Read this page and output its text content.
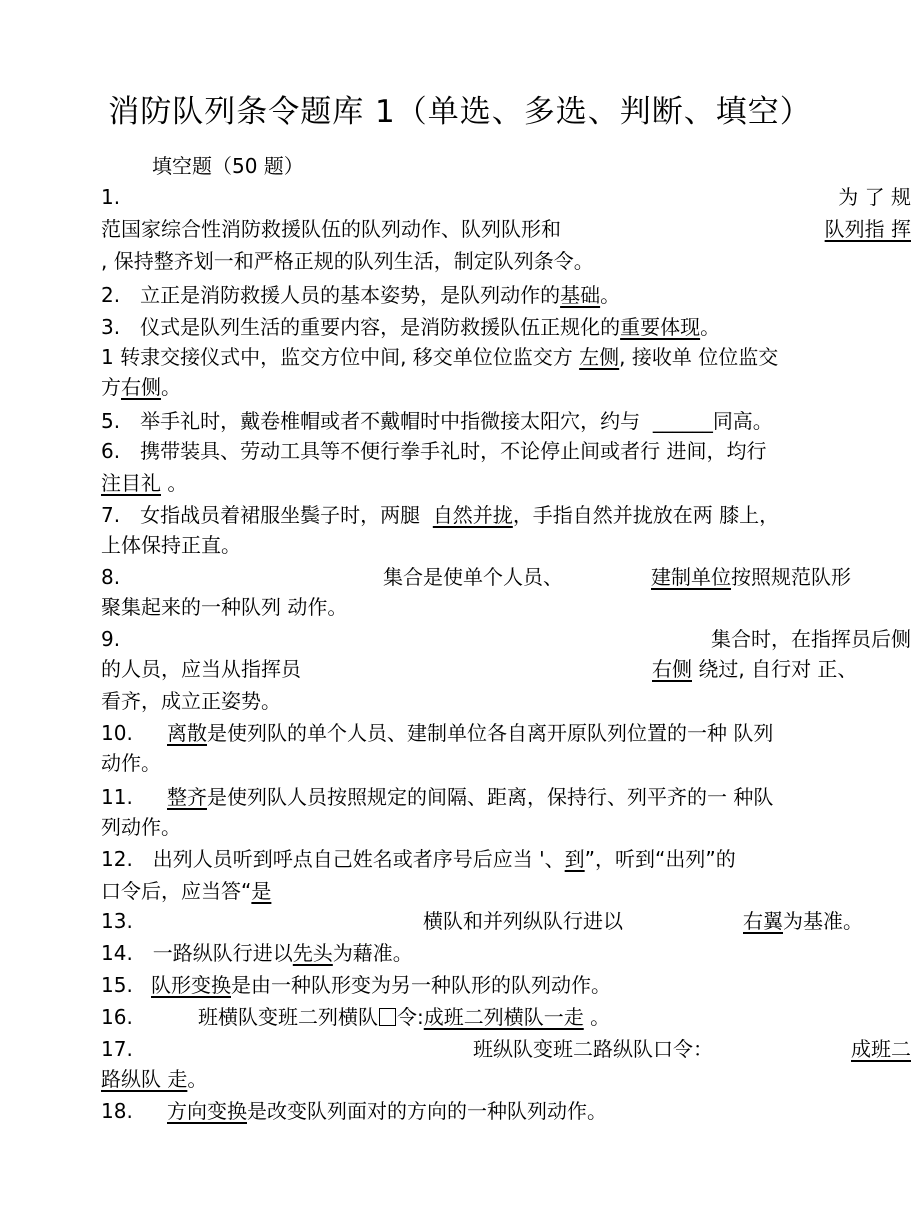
消防队列条令题库 1（单选、多选、判断、填空）
填空题（50 题）
1.	为 了 规
范国家综合性消防救援队伍的队列动作、队列队形和	队列指 挥
, 保持整齐划一和严格正规的队列生活，制定队列条令。
2.　立正是消防救援人员的基本姿势，是队列动作的基础。
3.　仪式是队列生活的重要内容，是消防救援队伍正规化的重要体现。
1 转隶交接仪式中，监交方位中间, 移交单位位监交方 左侧, 接收单 位位监交
方右侧。
5.　举手礼时，戴卷椎帽或者不戴帽时中指微接太阳穴，约与 ______同高。
6.　携带装具、劳动工具等不便行拳手礼时，不论停止间或者行 进间，均行
注目礼 。
7.　女指战员着裙服坐鬓子时，两腿 自然并拢，手指自然并拢放在两 膝上，
上体保持正直。
8.	集合是使单个人员、	建制单位按照规范队形
聚集起来的一种队列 动作。
9.	集合时，在指挥员后侧
的人员，应当从指挥员	右侧 绕过, 自行对 正、
看齐，成立正姿势。
10. 离散是使列队的单个人员、建制单位各自离开原队列位置的一种 队列
动作。
11. 整齐是使列队人员按照规定的间隔、距离，保持行、列平齐的一 种队
列动作。
12.　出列人员听到呼点自己姓名或者序号后应当 '、到”，听到“出列”的
口令后，应当答“是
13.	横队和并列纵队行进以	右翼为基准。
14.　一路纵队行进以先头为藉准。
15. 队形变换是由一种队形变为另一种队形的队列动作。
16.	班横队变班二列横队 令:成班二列横队一走 。
17.	班纵队变班二路纵队口令：	成班二
路纵队 走。
18. 方向变换是改变队列面对的方向的一种队列动作。
